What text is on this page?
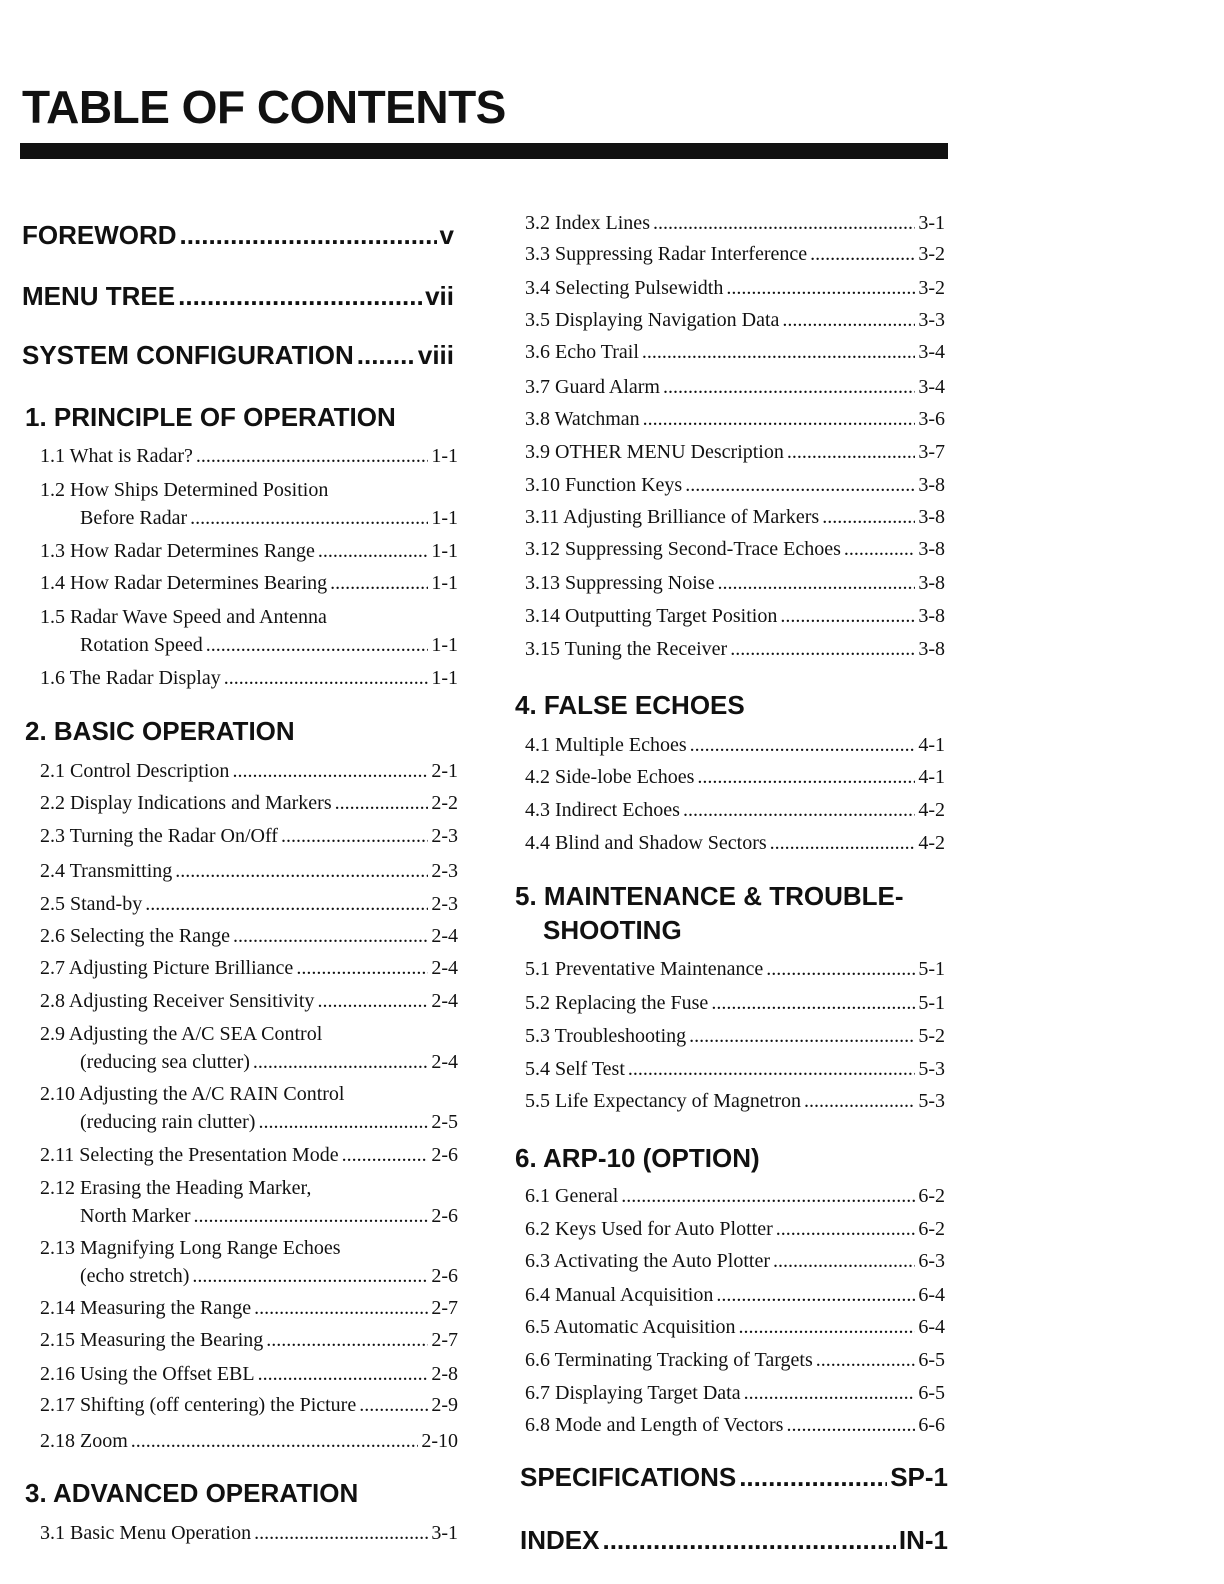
TABLE OF CONTENTS
FOREWORD .....	v
MENU TREE .....	vii
SYSTEM CONFIGURATION ..... viii
1. PRINCIPLE OF OPERATION
1.1 What is Radar? .....	1-1
1.2 How Ships Determined Position
Before Radar .....	1-1
1.3 How Radar Determines Range .....	1-1
1.4 How Radar Determines Bearing .....	1-1
1.5 Radar Wave Speed and Antenna
Rotation Speed .....	1-1
1.6 The Radar Display .....	1-1
2. BASIC OPERATION
2.1 Control Description .....	2-1
2.2 Display Indications and Markers .....	2-2
2.3 Turning the Radar On/Off .....	2-3
2.4 Transmitting .....	2-3
2.5 Stand-by .....	2-3
2.6 Selecting the Range .....	2-4
2.7 Adjusting Picture Brilliance .....	2-4
2.8 Adjusting Receiver Sensitivity .....	2-4
2.9 Adjusting the A/C SEA Control
(reducing sea clutter) .....	2-4
2.10 Adjusting the A/C RAIN Control
(reducing rain clutter) .....	2-5
2.11 Selecting the Presentation Mode .....	2-6
2.12 Erasing the Heading Marker,
North Marker .....	2-6
2.13 Magnifying Long Range Echoes
(echo stretch) .....	2-6
2.14 Measuring the Range .....	2-7
2.15 Measuring the Bearing .....	2-7
2.16 Using the Offset EBL .....	2-8
2.17 Shifting (off centering) the Picture .....	2-9
2.18 Zoom .....	2-10
3. ADVANCED OPERATION
3.1 Basic Menu Operation .....	3-1
3.2 Index Lines .....	3-1
3.3 Suppressing Radar Interference .....	3-2
3.4 Selecting Pulsewidth .....	3-2
3.5 Displaying Navigation Data .....	3-3
3.6 Echo Trail .....	3-4
3.7 Guard Alarm .....	3-4
3.8 Watchman .....	3-6
3.9 OTHER MENU Description .....	3-7
3.10 Function Keys .....	3-8
3.11 Adjusting Brilliance of Markers .....	3-8
3.12 Suppressing Second-Trace Echoes .....	3-8
3.13 Suppressing Noise .....	3-8
3.14 Outputting Target Position .....	3-8
3.15 Tuning the Receiver .....	3-8
4. FALSE ECHOES
4.1 Multiple Echoes .....	4-1
4.2 Side-lobe Echoes .....	4-1
4.3 Indirect Echoes .....	4-2
4.4 Blind and Shadow Sectors .....	4-2
5. MAINTENANCE & TROUBLE-
SHOOTING
5.1 Preventative Maintenance .....	5-1
5.2 Replacing the Fuse .....	5-1
5.3 Troubleshooting .....	5-2
5.4 Self Test .....	5-3
5.5 Life Expectancy of Magnetron .....	5-3
6. ARP-10 (OPTION)
6.1 General .....	6-2
6.2 Keys Used for Auto Plotter .....	6-2
6.3 Activating the Auto Plotter .....	6-3
6.4 Manual Acquisition .....	6-4
6.5 Automatic Acquisition .....	6-4
6.6 Terminating Tracking of Targets .....	6-5
6.7 Displaying Target Data .....	6-5
6.8 Mode and Length of Vectors .....	6-6
SPECIFICATIONS .....	SP-1
INDEX .....	IN-1
